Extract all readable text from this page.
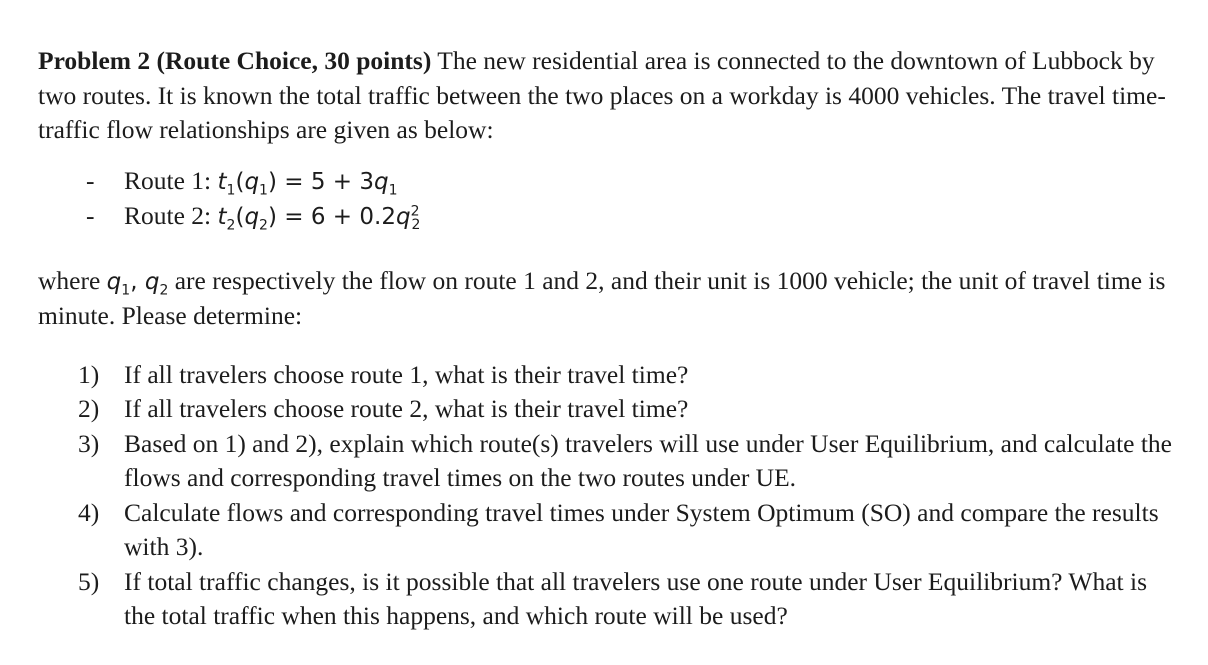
Problem 2 (Route Choice, 30 points) The new residential area is connected to the downtown of Lubbock by two routes. It is known the total traffic between the two places on a workday is 4000 vehicles. The travel time-traffic flow relationships are given as below:

- Route 1: $t_1(q_1) = 5 + 3q_1$
- Route 2: $t_2(q_2) = 6 + 0.2q^2_2$

where $q_1$, $q_2$ are respectively the flow on route 1 and 2, and their unit is 1000 vehicle; the unit of travel time is minute. Please determine:

1) If all travelers choose route 1, what is their travel time?
2) If all travelers choose route 2, what is their travel time?
3) Based on 1) and 2), explain which route(s) travelers will use under User Equilibrium, and calculate the flows and corresponding travel times on the two routes under UE.
4) Calculate flows and corresponding travel times under System Optimum (SO) and compare the results with 3).
5) If total traffic changes, is it possible that all travelers use one route under User Equilibrium? What is the total traffic when this happens, and which route will be used?
